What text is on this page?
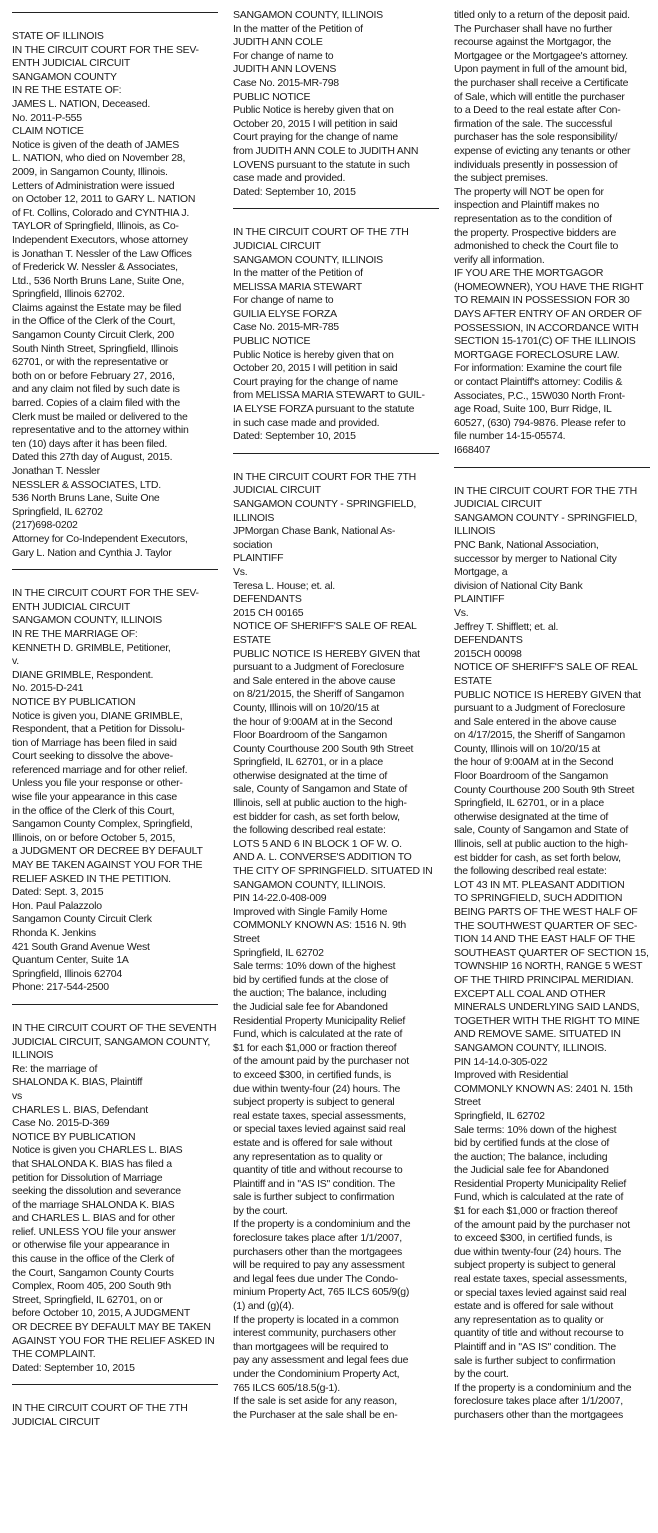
STATE OF ILLINOIS
IN THE CIRCUIT COURT FOR THE SEV-
ENTH JUDICIAL CIRCUIT
SANGAMON COUNTY
IN RE THE ESTATE OF:
JAMES L. NATION, Deceased.
No. 2011-P-555
CLAIM NOTICE
Notice is given of the death of JAMES
L. NATION, who died on November 28,
2009, in Sangamon County, Illinois.
Letters of Administration were issued
on October 12, 2011 to GARY L. NATION
of Ft. Collins, Colorado and CYNTHIA J.
TAYLOR of Springfield, Illinois, as Co-
Independent Executors, whose attorney
is Jonathan T. Nessler of the Law Offices
of Frederick W. Nessler & Associates,
Ltd., 536 North Bruns Lane, Suite One,
Springfield, Illinois 62702.
Claims against the Estate may be filed
in the Office of the Clerk of the Court,
Sangamon County Circuit Clerk, 200
South Ninth Street, Springfield, Illinois
62701, or with the representative or
both on or before February 27, 2016,
and any claim not filed by such date is
barred. Copies of a claim filed with the
Clerk must be mailed or delivered to the
representative and to the attorney within
ten (10) days after it has been filed.
Dated this 27th day of August, 2015.
Jonathan T. Nessler
NESSLER & ASSOCIATES, LTD.
536 North Bruns Lane, Suite One
Springfield, IL 62702
(217)698-0202
Attorney for Co-Independent Executors,
Gary L. Nation and Cynthia J. Taylor
IN THE CIRCUIT COURT FOR THE SEV-
ENTH JUDICIAL CIRCUIT
SANGAMON COUNTY, ILLINOIS
IN RE THE MARRIAGE OF:
KENNETH D. GRIMBLE, Petitioner,
v.
DIANE GRIMBLE, Respondent.
No. 2015-D-241
NOTICE BY PUBLICATION
Notice is given you, DIANE GRIMBLE,
Respondent, that a Petition for Dissolu-
tion of Marriage has been filed in said
Court seeking to dissolve the above-
referenced marriage and for other relief.
Unless you file your response or other-
wise file your appearance in this case
in the office of the Clerk of this Court,
Sangamon County Complex, Springfield,
Illinois, on or before October 5, 2015,
a JUDGMENT OR DECREE BY DEFAULT
MAY BE TAKEN AGAINST YOU FOR THE
RELIEF ASKED IN THE PETITION.
Dated: Sept. 3, 2015
Hon. Paul Palazzolo
Sangamon County Circuit Clerk
Rhonda K. Jenkins
421 South Grand Avenue West
Quantum Center, Suite 1A
Springfield, Illinois 62704
Phone: 217-544-2500
IN THE CIRCUIT COURT OF THE SEVENTH
JUDICIAL CIRCUIT, SANGAMON COUNTY,
ILLINOIS
Re: the marriage of
SHALONDA K. BIAS, Plaintiff
vs
CHARLES L. BIAS, Defendant
Case No. 2015-D-369
NOTICE BY PUBLICATION
Notice is given you CHARLES L. BIAS
that SHALONDA K. BIAS has filed a
petition for Dissolution of Marriage
seeking the dissolution and severance
of the marriage SHALONDA K. BIAS
and CHARLES L. BIAS and for other
relief. UNLESS YOU file your answer
or otherwise file your appearance in
this cause in the office of the Clerk of
the Court, Sangamon County Courts
Complex, Room 405, 200 South 9th
Street, Springfield, IL 62701, on or
before October 10, 2015, A JUDGMENT
OR DECREE BY DEFAULT MAY BE TAKEN
AGAINST YOU FOR THE RELIEF ASKED IN
THE COMPLAINT.
Dated: September 10, 2015
IN THE CIRCUIT COURT OF THE 7TH
JUDICIAL CIRCUIT
SANGAMON COUNTY, ILLINOIS
In the matter of the Petition of
JUDITH ANN COLE
For change of name to
JUDITH ANN LOVENS
Case No. 2015-MR-798
PUBLIC NOTICE
Public Notice is hereby given that on
October 20, 2015 I will petition in said
Court praying for the change of name
from JUDITH ANN COLE to JUDITH ANN
LOVENS pursuant to the statute in such
case made and provided.
Dated: September 10, 2015
IN THE CIRCUIT COURT OF THE 7TH
JUDICIAL CIRCUIT
SANGAMON COUNTY, ILLINOIS
In the matter of the Petition of
MELISSA MARIA STEWART
For change of name to
GUILIA ELYSE FORZA
Case No. 2015-MR-785
PUBLIC NOTICE
Public Notice is hereby given that on
October 20, 2015 I will petition in said
Court praying for the change of name
from MELISSA MARIA STEWART to GUIL-
IA ELYSE FORZA pursuant to the statute
in such case made and provided.
Dated: September 10, 2015
IN THE CIRCUIT COURT FOR THE 7TH
JUDICIAL CIRCUIT
SANGAMON COUNTY - SPRINGFIELD,
ILLINOIS
JPMorgan Chase Bank, National As-
sociation
PLAINTIFF
Vs.
Teresa L. House; et. al.
DEFENDANTS
2015 CH 00165
NOTICE OF SHERIFF'S SALE OF REAL
ESTATE
PUBLIC NOTICE IS HEREBY GIVEN that
pursuant to a Judgment of Foreclosure
and Sale entered in the above cause
on 8/21/2015, the Sheriff of Sangamon
County, Illinois will on 10/20/15 at
the hour of 9:00AM at in the Second
Floor Boardroom of the Sangamon
County Courthouse 200 South 9th Street
Springfield, IL 62701, or in a place
otherwise designated at the time of
sale, County of Sangamon and State of
Illinois, sell at public auction to the high-
est bidder for cash, as set forth below,
the following described real estate:
LOTS 5 AND 6 IN BLOCK 1 OF W. O.
AND A. L. CONVERSE'S ADDITION TO
THE CITY OF SPRINGFIELD. SITUATED IN
SANGAMON COUNTY, ILLINOIS.
PIN 14-22.0-408-009
Improved with Single Family Home
COMMONLY KNOWN AS: 1516 N. 9th
Street
Springfield, IL 62702
Sale terms: 10% down of the highest
bid by certified funds at the close of
the auction; The balance, including
the Judicial sale fee for Abandoned
Residential Property Municipality Relief
Fund, which is calculated at the rate of
$1 for each $1,000 or fraction thereof
of the amount paid by the purchaser not
to exceed $300, in certified funds, is
due within twenty-four (24) hours. The
subject property is subject to general
real estate taxes, special assessments,
or special taxes levied against said real
estate and is offered for sale without
any representation as to quality or
quantity of title and without recourse to
Plaintiff and in "AS IS" condition. The
sale is further subject to confirmation
by the court.
If the property is a condominium and the
foreclosure takes place after 1/1/2007,
purchasers other than the mortgagees
will be required to pay any assessment
and legal fees due under The Condo-
minium Property Act, 765 ILCS 605/9(g)
(1) and (g)(4).
If the property is located in a common
interest community, purchasers other
than mortgagees will be required to
pay any assessment and legal fees due
under the Condominium Property Act,
765 ILCS 605/18.5(g-1).
If the sale is set aside for any reason,
the Purchaser at the sale shall be en-
titled only to a return of the deposit paid.
The Purchaser shall have no further
recourse against the Mortgagor, the
Mortgagee or the Mortgagee's attorney.
Upon payment in full of the amount bid,
the purchaser shall receive a Certificate
of Sale, which will entitle the purchaser
to a Deed to the real estate after Con-
firmation of the sale. The successful
purchaser has the sole responsibility/
expense of evicting any tenants or other
individuals presently in possession of
the subject premises.
The property will NOT be open for
inspection and Plaintiff makes no
representation as to the condition of
the property. Prospective bidders are
admonished to check the Court file to
verify all information.
IF YOU ARE THE MORTGAGOR
(HOMEOWNER), YOU HAVE THE RIGHT
TO REMAIN IN POSSESSION FOR 30
DAYS AFTER ENTRY OF AN ORDER OF
POSSESSION, IN ACCORDANCE WITH
SECTION 15-1701(C) OF THE ILLINOIS
MORTGAGE FORECLOSURE LAW.
For information: Examine the court file
or contact Plaintiff's attorney: Codilis &
Associates, P.C., 15W030 North Front-
age Road, Suite 100, Burr Ridge, IL
60527, (630) 794-9876. Please refer to
file number 14-15-05574.
I668407
IN THE CIRCUIT COURT FOR THE 7TH
JUDICIAL CIRCUIT
SANGAMON COUNTY - SPRINGFIELD,
ILLINOIS
PNC Bank, National Association,
successor by merger to National City
Mortgage, a
division of National City Bank
PLAINTIFF
Vs.
Jeffrey T. Shifflett; et. al.
DEFENDANTS
2015CH 00098
NOTICE OF SHERIFF'S SALE OF REAL
ESTATE
PUBLIC NOTICE IS HEREBY GIVEN that
pursuant to a Judgment of Foreclosure
and Sale entered in the above cause
on 4/17/2015, the Sheriff of Sangamon
County, Illinois will on 10/20/15 at
the hour of 9:00AM at in the Second
Floor Boardroom of the Sangamon
County Courthouse 200 South 9th Street
Springfield, IL 62701, or in a place
otherwise designated at the time of
sale, County of Sangamon and State of
Illinois, sell at public auction to the high-
est bidder for cash, as set forth below,
the following described real estate:
LOT 43 IN MT. PLEASANT ADDITION
TO SPRINGFIELD, SUCH ADDITION
BEING PARTS OF THE WEST HALF OF
THE SOUTHWEST QUARTER OF SEC-
TION 14 AND THE EAST HALF OF THE
SOUTHEAST QUARTER OF SECTION 15,
TOWNSHIP 16 NORTH, RANGE 5 WEST
OF THE THIRD PRINCIPAL MERIDIAN.
EXCEPT ALL COAL AND OTHER
MINERALS UNDERLYING SAID LANDS,
TOGETHER WITH THE RIGHT TO MINE
AND REMOVE SAME. SITUATED IN
SANGAMON COUNTY, ILLINOIS.
PIN 14-14.0-305-022
Improved with Residential
COMMONLY KNOWN AS: 2401 N. 15th
Street
Springfield, IL 62702
Sale terms: 10% down of the highest
bid by certified funds at the close of
the auction; The balance, including
the Judicial sale fee for Abandoned
Residential Property Municipality Relief
Fund, which is calculated at the rate of
$1 for each $1,000 or fraction thereof
of the amount paid by the purchaser not
to exceed $300, in certified funds, is
due within twenty-four (24) hours. The
subject property is subject to general
real estate taxes, special assessments,
or special taxes levied against said real
estate and is offered for sale without
any representation as to quality or
quantity of title and without recourse to
Plaintiff and in "AS IS" condition. The
sale is further subject to confirmation
by the court.
If the property is a condominium and the
foreclosure takes place after 1/1/2007,
purchasers other than the mortgagees
